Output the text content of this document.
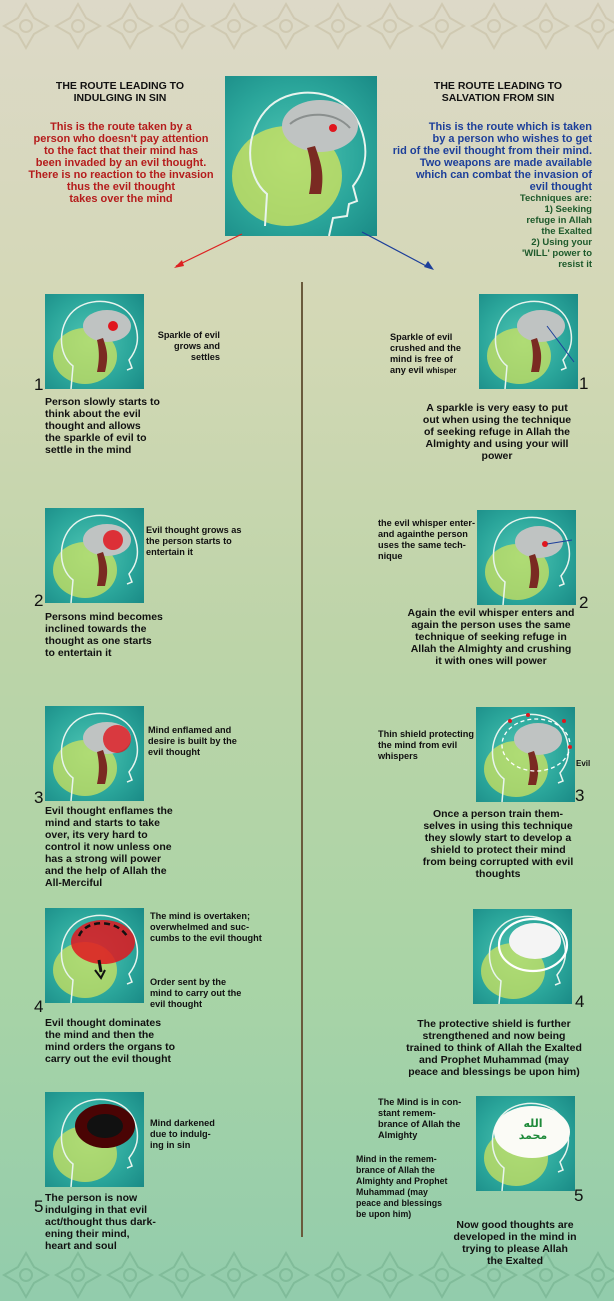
THE ROUTE LEADING TO
INDULGING IN SIN
This is the route taken by a
person who doesn't pay attention
to the fact that their mind has
been invaded by an evil thought.
There is no reaction to the invasion
thus the evil thought
takes over the mind
THE ROUTE LEADING TO
SALVATION FROM SIN
This is the route which is taken
by a person who wishes to get
rid of the evil thought from their mind.
Two weapons are made available
which can combat the invasion of
evil thought
Techniques are:
1) Seeking
refuge in Allah
the Exalted
2) Using your
'WILL' power to
resist it
Sparkle of evil
grows and
settles
1
Person slowly starts to
think about the evil
thought and allows
the sparkle of evil to
settle in the mind
Evil thought grows as
the person starts to
entertain it
2
Persons mind becomes
inclined towards the
thought as one starts
to entertain it
Mind enflamed and
desire is built by the
evil thought
3
Evil thought enflames the
mind and starts to take
over, its very hard to
control it now unless one
has a strong will power
and the help of Allah the
All-Merciful
The mind is overtaken;
overwhelmed and suc-
cumbs to the evil thought
Order sent by the
mind to carry out the
evil thought
4
Evil thought dominates
the mind and then the
mind orders the organs to
carry out the evil thought
Mind darkened
due to indulg-
ing in sin
5 The person is now
indulging in that evil
act/thought thus dark-
ening their mind,
heart and soul
Sparkle of evil
crushed and the
mind is free of
any evil whisper
1
A sparkle is very easy to put
out when using the technique
of seeking refuge in Allah the
Almighty and using your will
power
the evil whisper enter-
and againthe person
uses the same tech-
nique
2
Again the evil whisper enters and
again the person uses the same
technique of seeking refuge in
Allah the Almighty and crushing
it with ones will power
Thin shield protecting
the mind from evil
whispers
Evil
3
Once a person train them-
selves in using this technique
they slowly start to develop a
shield to protect their mind
from being corrupted with evil
thoughts
4
The protective shield is further
strengthened and now being
trained to think of Allah the Exalted
and Prophet Muhammad (may
peace and blessings be upon him)
الله
محمد
The Mind is in con-
stant remem-
brance of Allah the
Almighty
Mind in the remem-
brance of Allah the
Almighty and Prophet
Muhammad (may
peace and blessings
be upon him)
5
Now good thoughts are
developed in the mind in
trying to please Allah
the Exalted
